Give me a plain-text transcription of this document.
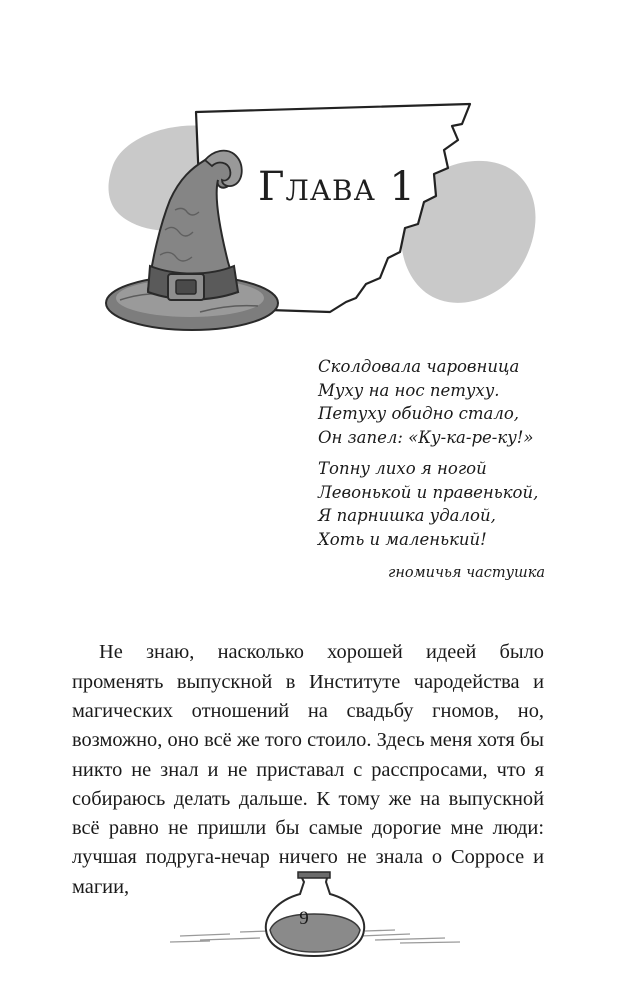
Глава 1
Сколдовала чаровница
Муху на нос петуху.
Петуху обидно стало,
Он запел: «Ку-ка-ре-ку!»
Топну лихо я ногой
Левонькой и правенькой,
Я парнишка удалой,
Хоть и маленький!
гномичья частушка

Не знаю, насколько хорошей идеей было променять выпускной в Институте чародейства и магических отношений на свадьбу гномов, но, возможно, оно всё же того стоило. Здесь меня хотя бы никто не знал и не приставал с расспросами, что я собираюсь делать дальше. К тому же на выпускной всё равно не пришли бы самые дорогие мне люди: лучшая подруга-нечар ничего не знала о Сорросе и магии,

9
